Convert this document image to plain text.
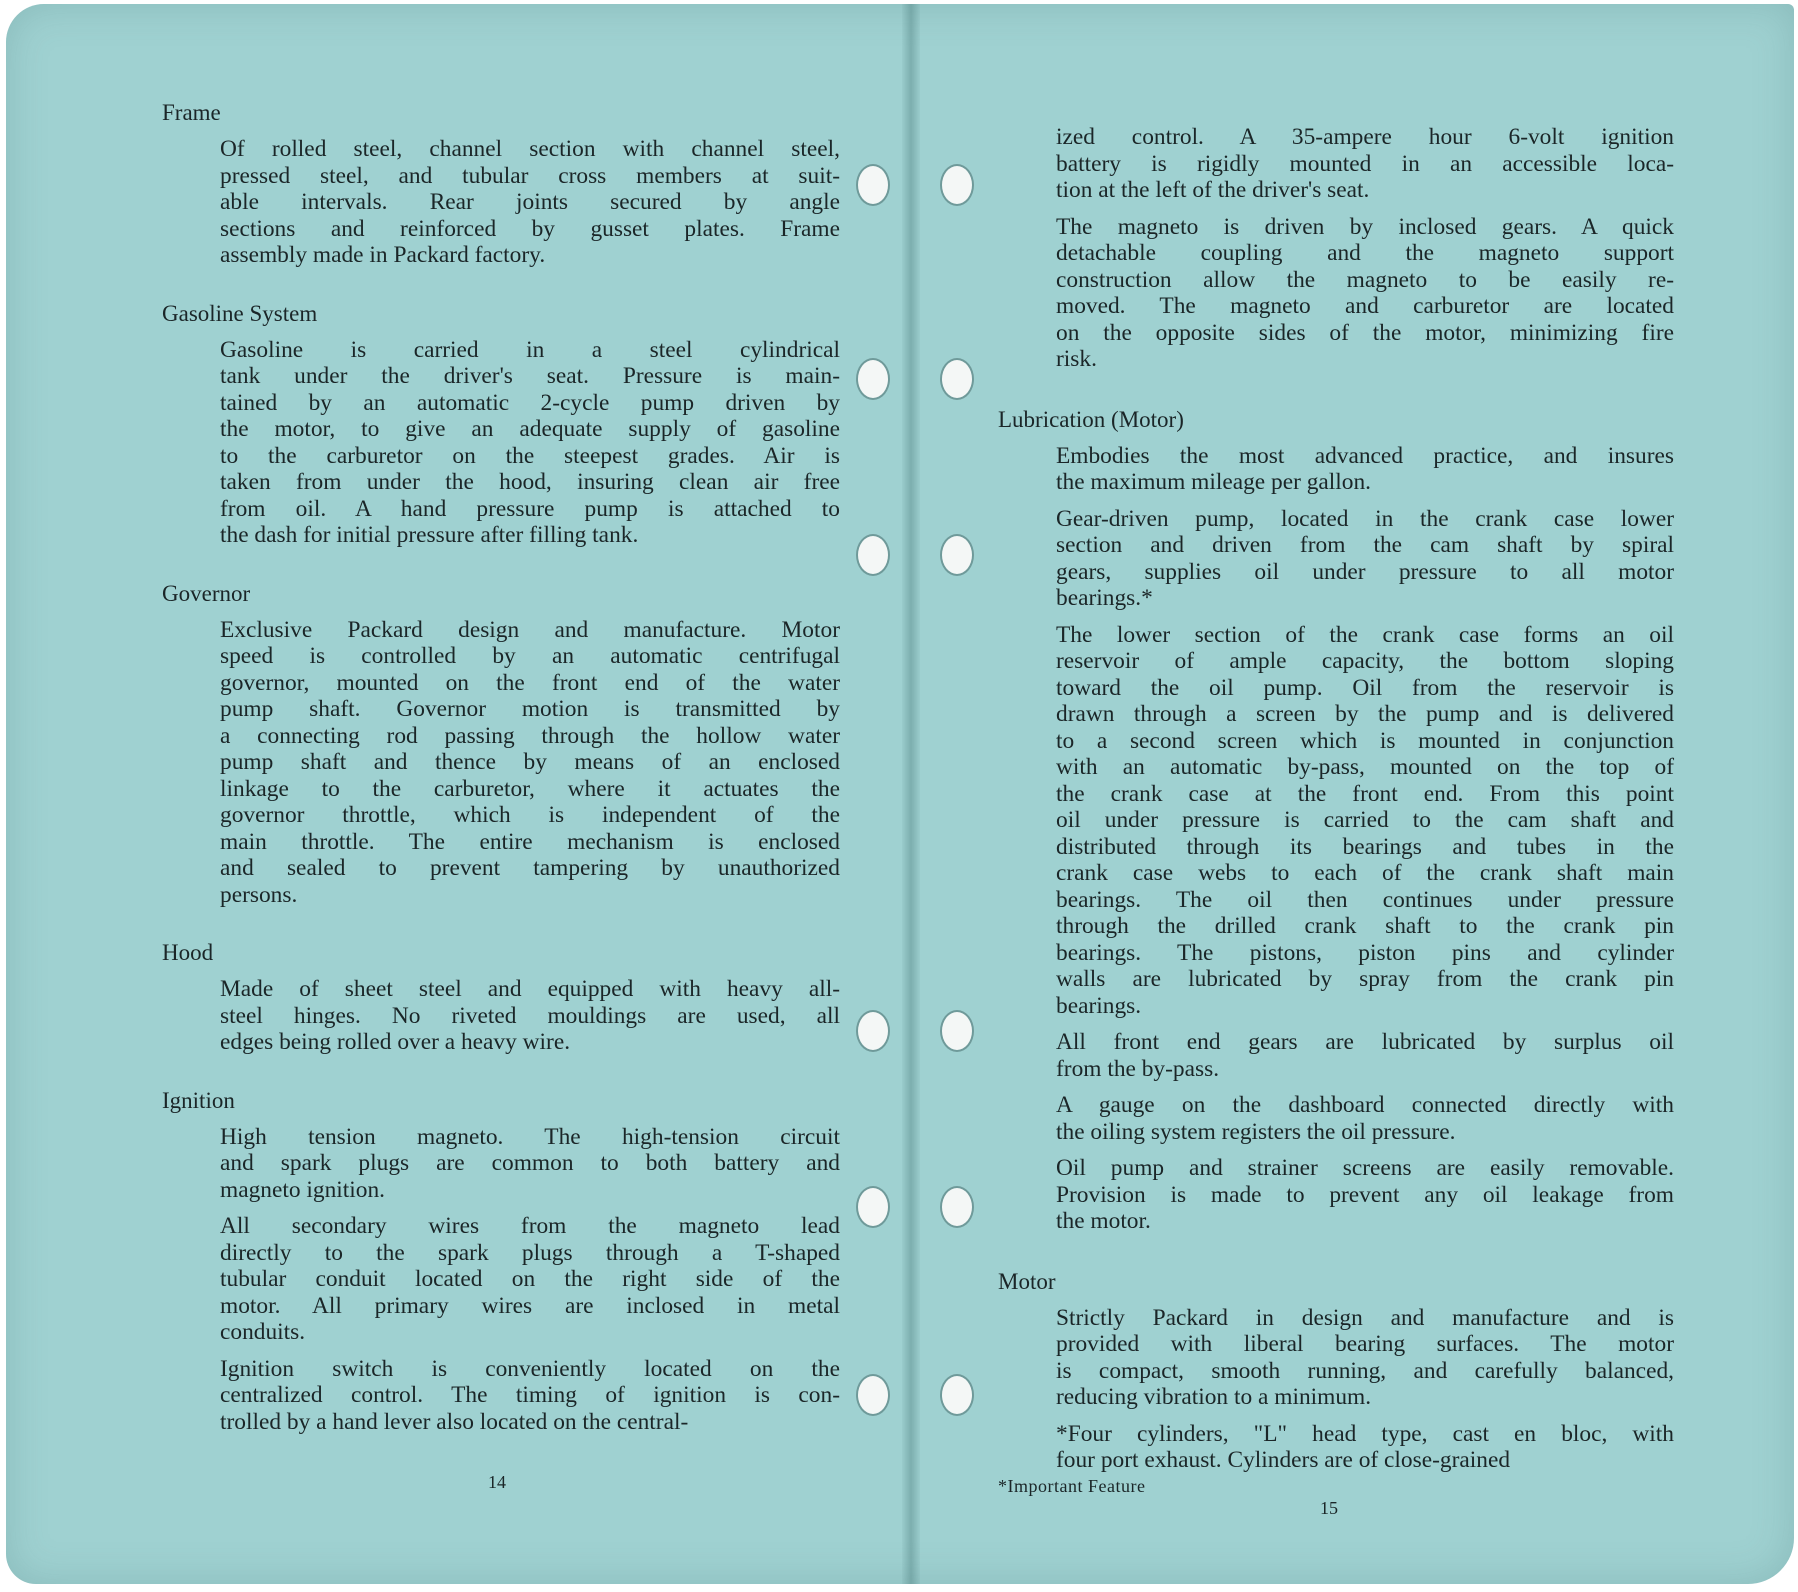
Frame
Of rolled steel, channel section with channel steel,
pressed steel, and tubular cross members at suit-
able intervals. Rear joints secured by angle
sections and reinforced by gusset plates. Frame
assembly made in Packard factory.
Gasoline System
Gasoline is carried in a steel cylindrical
tank under the driver's seat. Pressure is main-
tained by an automatic 2-cycle pump driven by
the motor, to give an adequate supply of gasoline
to the carburetor on the steepest grades. Air is
taken from under the hood, insuring clean air free
from oil. A hand pressure pump is attached to
the dash for initial pressure after filling tank.
Governor
Exclusive Packard design and manufacture. Motor
speed is controlled by an automatic centrifugal
governor, mounted on the front end of the water
pump shaft. Governor motion is transmitted by
a connecting rod passing through the hollow water
pump shaft and thence by means of an enclosed
linkage to the carburetor, where it actuates the
governor throttle, which is independent of the
main throttle. The entire mechanism is enclosed
and sealed to prevent tampering by unauthorized
persons.
Hood
Made of sheet steel and equipped with heavy all-
steel hinges. No riveted mouldings are used, all
edges being rolled over a heavy wire.
Ignition
High tension magneto. The high-tension circuit
and spark plugs are common to both battery and
magneto ignition.
All secondary wires from the magneto lead
directly to the spark plugs through a T-shaped
tubular conduit located on the right side of the
motor. All primary wires are inclosed in metal
conduits.
Ignition switch is conveniently located on the
centralized control. The timing of ignition is con-
trolled by a hand lever also located on the central-
14
ized control. A 35-ampere hour 6-volt ignition
battery is rigidly mounted in an accessible loca-
tion at the left of the driver's seat.
The magneto is driven by inclosed gears. A quick
detachable coupling and the magneto support
construction allow the magneto to be easily re-
moved. The magneto and carburetor are located
on the opposite sides of the motor, minimizing fire
risk.
Lubrication (Motor)
Embodies the most advanced practice, and insures
the maximum mileage per gallon.
Gear-driven pump, located in the crank case lower
section and driven from the cam shaft by spiral
gears, supplies oil under pressure to all motor
bearings.*
The lower section of the crank case forms an oil
reservoir of ample capacity, the bottom sloping
toward the oil pump. Oil from the reservoir is
drawn through a screen by the pump and is delivered
to a second screen which is mounted in conjunction
with an automatic by-pass, mounted on the top of
the crank case at the front end. From this point
oil under pressure is carried to the cam shaft and
distributed through its bearings and tubes in the
crank case webs to each of the crank shaft main
bearings. The oil then continues under pressure
through the drilled crank shaft to the crank pin
bearings. The pistons, piston pins and cylinder
walls are lubricated by spray from the crank pin
bearings.
All front end gears are lubricated by surplus oil
from the by-pass.
A gauge on the dashboard connected directly with
the oiling system registers the oil pressure.
Oil pump and strainer screens are easily removable.
Provision is made to prevent any oil leakage from
the motor.
Motor
Strictly Packard in design and manufacture and is
provided with liberal bearing surfaces. The motor
is compact, smooth running, and carefully balanced,
reducing vibration to a minimum.
*Four cylinders, "L" head type, cast en bloc, with
four port exhaust. Cylinders are of close-grained
*Important Feature
15
